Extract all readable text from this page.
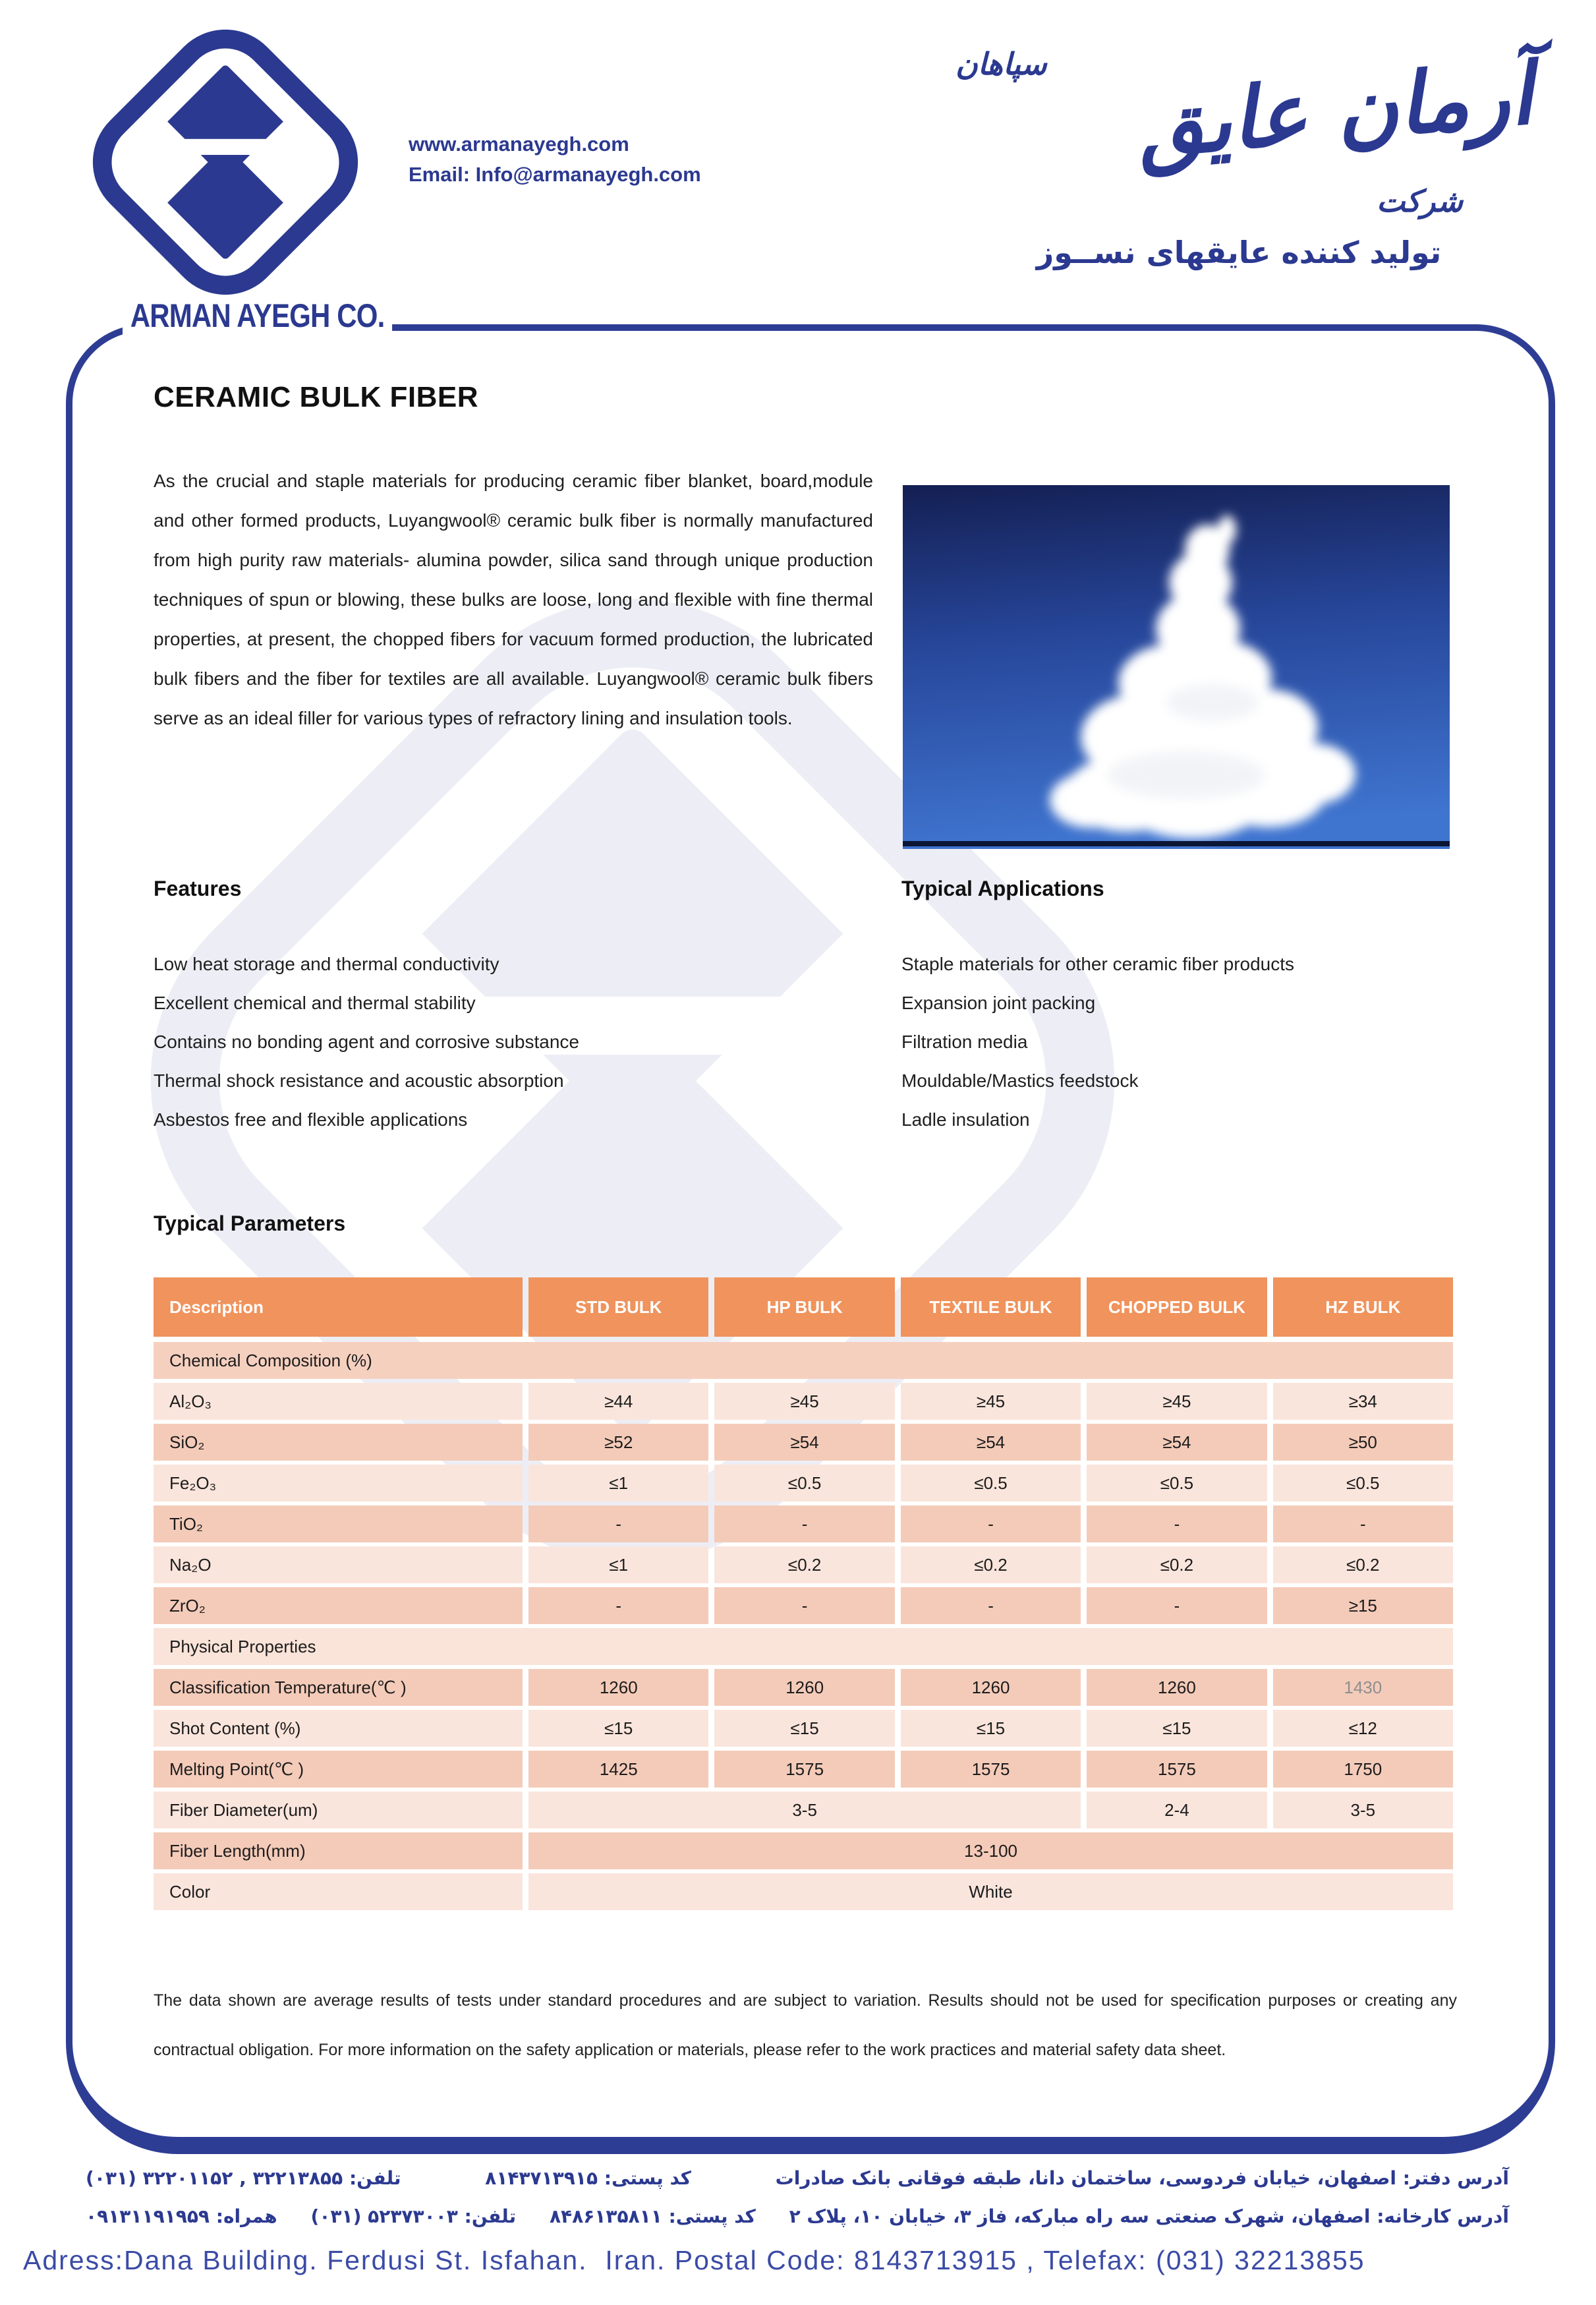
www.armanayegh.com
Email: Info@armanayegh.com
سپاهان آرمان عایق
شرکت
تولید کننده عایقهای نســوز
ARMAN AYEGH CO.
CERAMIC BULK FIBER

As the crucial and staple materials for producing ceramic fiber blanket, board,module and other formed products, Luyangwool® ceramic bulk fiber is normally manufactured from high purity raw materials- alumina powder, silica sand through unique production techniques of spun or blowing, these bulks are loose, long and flexible with fine thermal properties, at present, the chopped fibers for vacuum formed production, the lubricated bulk fibers and the fiber for textiles are all available. Luyangwool® ceramic bulk fibers serve as an ideal filler for various types of refractory lining and insulation tools.

Features
Low heat storage and thermal conductivity
Excellent chemical and thermal stability
Contains no bonding agent and corrosive substance
Thermal shock resistance and acoustic absorption
Asbestos free and flexible applications
Typical Applications
Staple materials for other ceramic fiber products
Expansion joint packing
Filtration media
Mouldable/Mastics feedstock
Ladle insulation
Typical Parameters
Description	STD BULK	HP BULK	TEXTILE BULK	CHOPPED BULK	HZ BULK
Chemical Composition (%)
Al₂O₃	≥44	≥45	≥45	≥45	≥34
SiO₂	≥52	≥54	≥54	≥54	≥50
Fe₂O₃	≤1	≤0.5	≤0.5	≤0.5	≤0.5
TiO₂	-	-	-	-	-
Na₂O	≤1	≤0.2	≤0.2	≤0.2	≤0.2
ZrO₂	-	-	-	-	≥15
Physical Properties
Classification Temperature(℃ )	1260	1260	1260	1260	1430
Shot Content (%)	≤15	≤15	≤15	≤15	≤12
Melting Point(℃ )	1425	1575	1575	1575	1750
Fiber Diameter(um)	3-5	2-4	3-5
Fiber Length(mm)	13-100
Color	White

The data shown are average results of tests under standard procedures and are subject to variation. Results should not be used for specification purposes or creating any contractual obligation. For more information on the safety application or materials, please refer to the work practices and material safety data sheet.

آدرس دفتر: اصفهان، خیابان فردوسی، ساختمان دانا، طبقه فوقانی بانک صادرات
کد پستی: ۸۱۴۳۷۱۳۹۱۵
تلفن: ۳۲۲۱۳۸۵۵ , ۳۲۲۰۱۱۵۲ (۰۳۱)
آدرس کارخانه: اصفهان، شهرک صنعتی سه راه مبارکه، فاز ۳، خیابان ۱۰، پلاک ۲
کد پستی: ۸۴۸۶۱۳۵۸۱۱
تلفن: ۵۲۳۷۳۰۰۳ (۰۳۱)
همراه: ۰۹۱۳۱۱۹۱۹۵۹
Adress:Dana Building. Ferdusi St. Isfahan.  Iran. Postal Code: 8143713915 , Telefax: (031) 32213855
